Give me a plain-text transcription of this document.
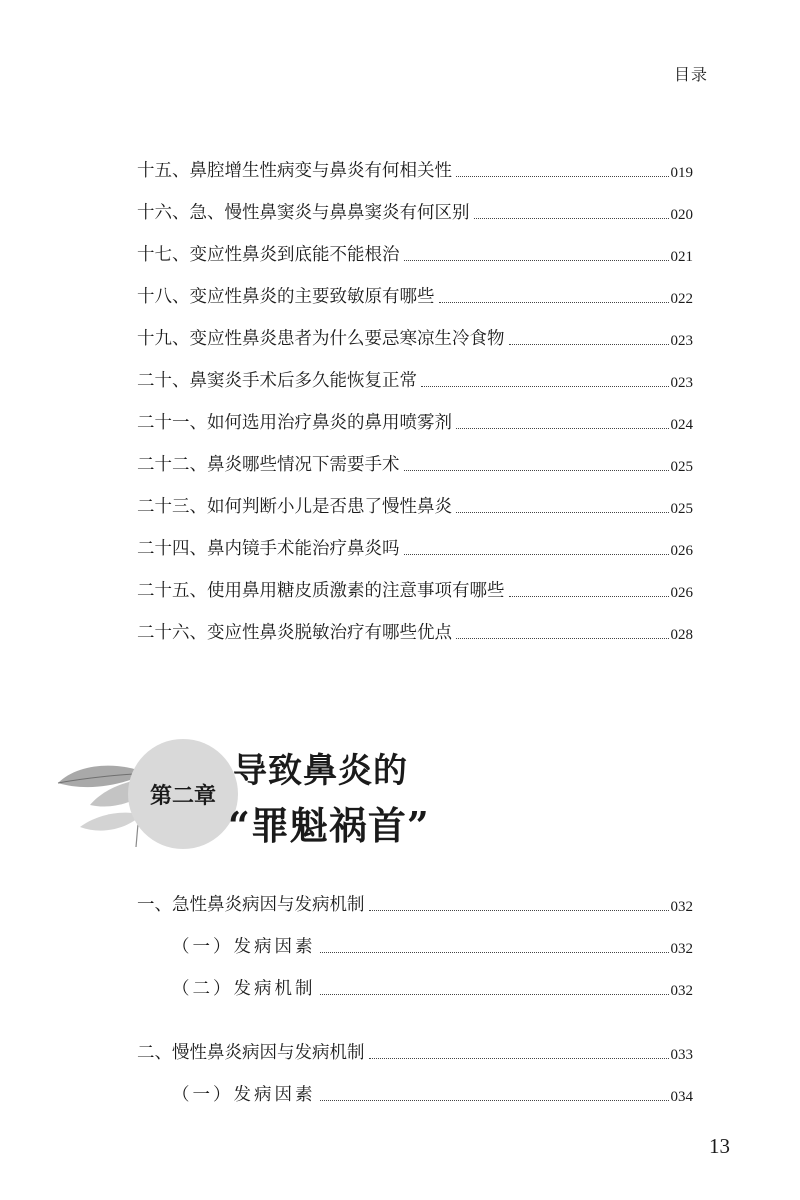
目录
十五、鼻腔增生性病变与鼻炎有何相关性	019
十六、急、慢性鼻窦炎与鼻鼻窦炎有何区别	020
十七、变应性鼻炎到底能不能根治	021
十八、变应性鼻炎的主要致敏原有哪些	022
十九、变应性鼻炎患者为什么要忌寒凉生冷食物	023
二十、鼻窦炎手术后多久能恢复正常	023
二十一、如何选用治疗鼻炎的鼻用喷雾剂	024
二十二、鼻炎哪些情况下需要手术	025
二十三、如何判断小儿是否患了慢性鼻炎	025
二十四、鼻内镜手术能治疗鼻炎吗	026
二十五、使用鼻用糖皮质激素的注意事项有哪些	026
二十六、变应性鼻炎脱敏治疗有哪些优点	028
第二章
导致鼻炎的
“罪魁祸首”
一、急性鼻炎病因与发病机制	032
（一）发病因素	032
（二）发病机制	032
二、慢性鼻炎病因与发病机制	033
（一）发病因素	034
13
